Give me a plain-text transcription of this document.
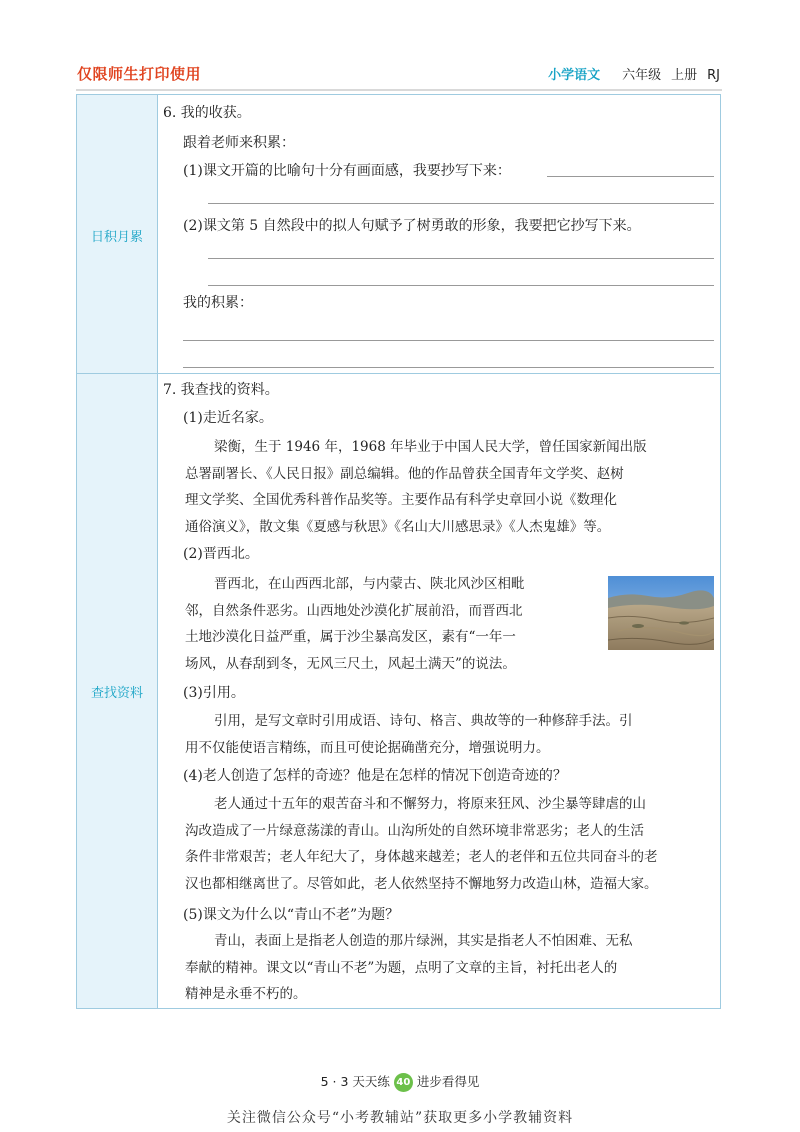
仅限师生打印使用	小学语文 六年级 上册 RJ
日积月累
查找资料
6. 我的收获。
跟着老师来积累：
(1)课文开篇的比喻句十分有画面感，我要抄写下来：
(2)课文第 5 自然段中的拟人句赋予了树勇敢的形象，我要把它抄写下来。
我的积累：
7. 我查找的资料。
(1)走近名家。
(2)晋西北。
(3)引用。
(4)老人创造了怎样的奇迹？他是在怎样的情况下创造奇迹的？
(5)课文为什么以“青山不老”为题？
梁衡，生于 1946 年，1968 年毕业于中国人民大学，曾任国家新闻出版
总署副署长、《人民日报》副总编辑。他的作品曾获全国青年文学奖、赵树
理文学奖、全国优秀科普作品奖等。主要作品有科学史章回小说《数理化
通俗演义》，散文集《夏感与秋思》《名山大川感思录》《人杰鬼雄》等。
晋西北，在山西西北部，与内蒙古、陕北风沙区相毗
邻，自然条件恶劣。山西地处沙漠化扩展前沿，而晋西北
土地沙漠化日益严重，属于沙尘暴高发区，素有“一年一
场风，从春刮到冬，无风三尺土，风起土满天”的说法。
引用，是写文章时引用成语、诗句、格言、典故等的一种修辞手法。引
用不仅能使语言精练，而且可使论据确凿充分，增强说明力。
老人通过十五年的艰苦奋斗和不懈努力，将原来狂风、沙尘暴等肆虐的山
沟改造成了一片绿意荡漾的青山。山沟所处的自然环境非常恶劣；老人的生活
条件非常艰苦；老人年纪大了，身体越来越差；老人的老伴和五位共同奋斗的老
汉也都相继离世了。尽管如此，老人依然坚持不懈地努力改造山林，造福大家。
青山，表面上是指老人创造的那片绿洲，其实是指老人不怕困难、无私
奉献的精神。课文以“青山不老”为题，点明了文章的主旨，衬托出老人的
精神是永垂不朽的。
5 · 3 天天练 40 进步看得见
关注微信公众号“小考教辅站”获取更多小学教辅资料
